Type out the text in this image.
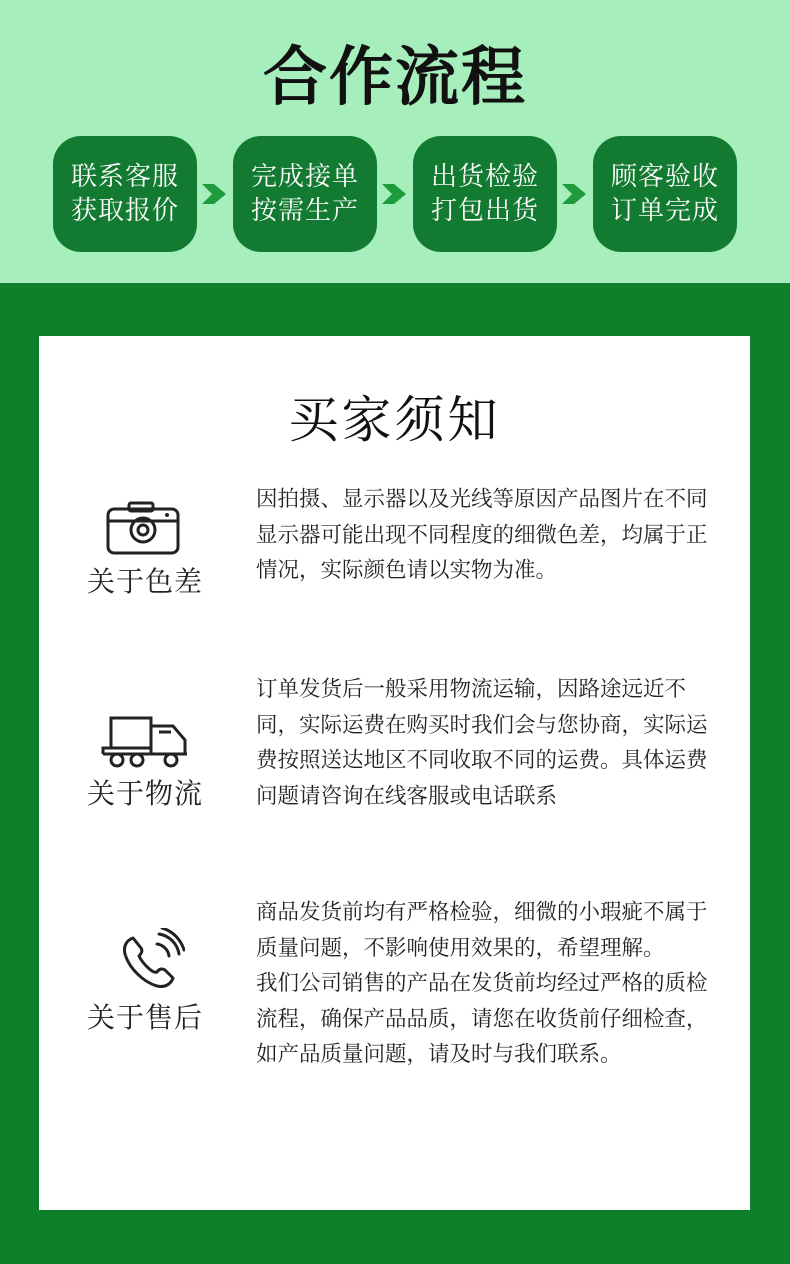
合作流程
联系客服
获取报价
完成接单
按需生产
出货检验
打包出货
顾客验收
订单完成
买家须知
关于色差

因拍摄、显示器以及光线等原因产品图片在不同显示器可能出现不同程度的细微色差，均属于正情况，实际颜色请以实物为准。

关于物流

订单发货后一般采用物流运输，因路途远近不同，实际运费在购买时我们会与您协商，实际运费按照送达地区不同收取不同的运费。具体运费问题请咨询在线客服或电话联系

关于售后

商品发货前均有严格检验，细微的小瑕疵不属于质量问题，不影响使用效果的，希望理解。

我们公司销售的产品在发货前均经过严格的质检流程，确保产品品质，请您在收货前仔细检查，如产品质量问题，请及时与我们联系。
